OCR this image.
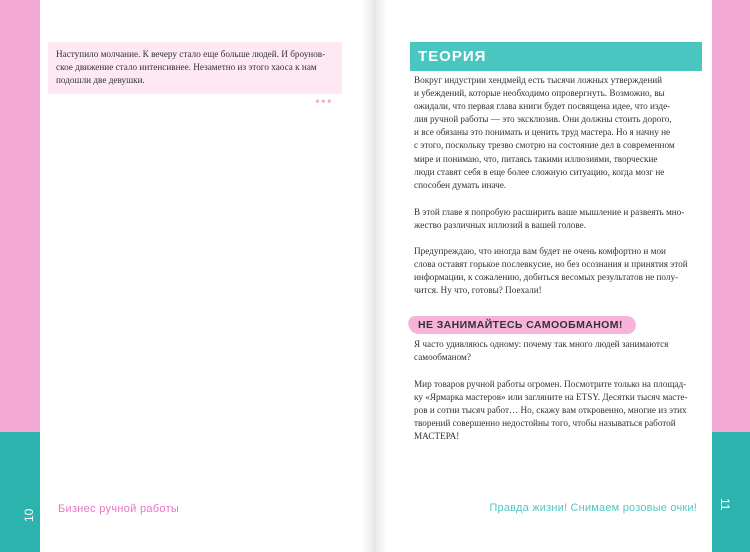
Наступило молчание. К вечеру стало еще больше людей. И броунов-
ское движение стало интенсивнее. Незаметно из этого хаоса к нам
подошли две девушки.
•••
10	Бизнес ручной работы
ТЕОРИЯ
Вокруг индустрии хендмейд есть тысячи ложных утверждений
и убеждений, которые необходимо опровергнуть. Возможно, вы
ожидали, что первая глава книги будет посвящена идее, что изде-
лия ручной работы — это эксклюзив. Они должны стоить дорого,
и все обязаны это понимать и ценить труд мастера. Но я начну не
с этого, поскольку трезво смотрю на состояние дел в современном
мире и понимаю, что, питаясь такими иллюзиями, творческие
люди ставят себя в еще более сложную ситуацию, когда мозг не
способен думать иначе.
В этой главе я попробую расширить ваше мышление и развеять мно-
жество различных иллюзий в вашей голове.
Предупреждаю, что иногда вам будет не очень комфортно и мои
слова оставят горькое послевкусие, но без осознания и принятия этой
информации, к сожалению, добиться весомых результатов не полу-
чится. Ну что, готовы? Поехали!
НЕ ЗАНИМАЙТЕСЬ САМООБМАНОМ!
Я часто удивляюсь одному: почему так много людей занимаются
самообманом?
Мир товаров ручной работы огромен. Посмотрите только на площад-
ку «Ярмарка мастеров» или загляните на ETSY. Десятки тысяч мастe-
ров и сотни тысяч работ… Но, скажу вам откровенно, многие из этих
творений совершенно недостойны того, чтобы называться работой
МАСТЕРА!
Правда жизни! Снимаем розовые очки!	11
